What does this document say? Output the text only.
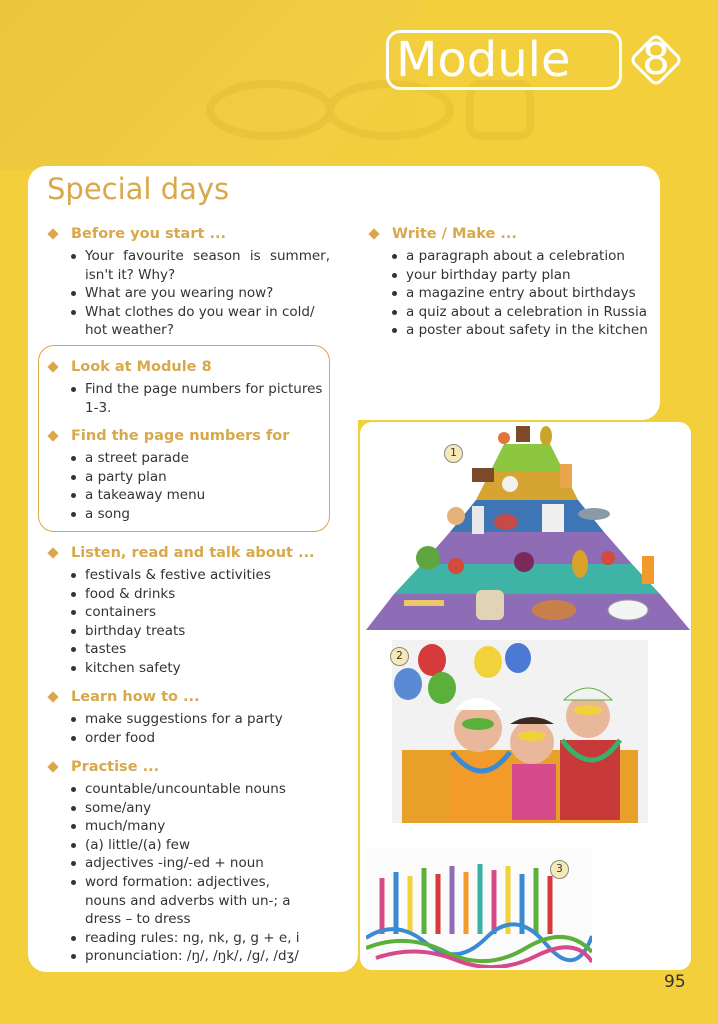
Module 8
Special days
Before you start ...
Your favourite season is summer, isn't it? Why?
What are you wearing now?
What clothes do you wear in cold/ hot weather?
Write / Make ...
a paragraph about a celebration
your birthday party plan
a magazine entry about birthdays
a quiz about a celebration in Russia
a poster about safety in the kitchen
Look at Module 8
Find the page numbers for pictures 1-3.
Find the page numbers for
a street parade
a party plan
a takeaway menu
a song
Listen, read and talk about ...
festivals & festive activities
food & drinks
containers
birthday treats
tastes
kitchen safety
Learn how to ...
make suggestions for a party
order food
Practise ...
countable/uncountable nouns
some/any
much/many
(a) little/(a) few
adjectives -ing/-ed + noun
word formation: adjectives, nouns and adverbs with un-; a dress – to dress
reading rules: ng, nk, g, g + e, i
pronunciation: /ŋ/, /ŋk/, /g/, /dʒ/
1
2
3
95
